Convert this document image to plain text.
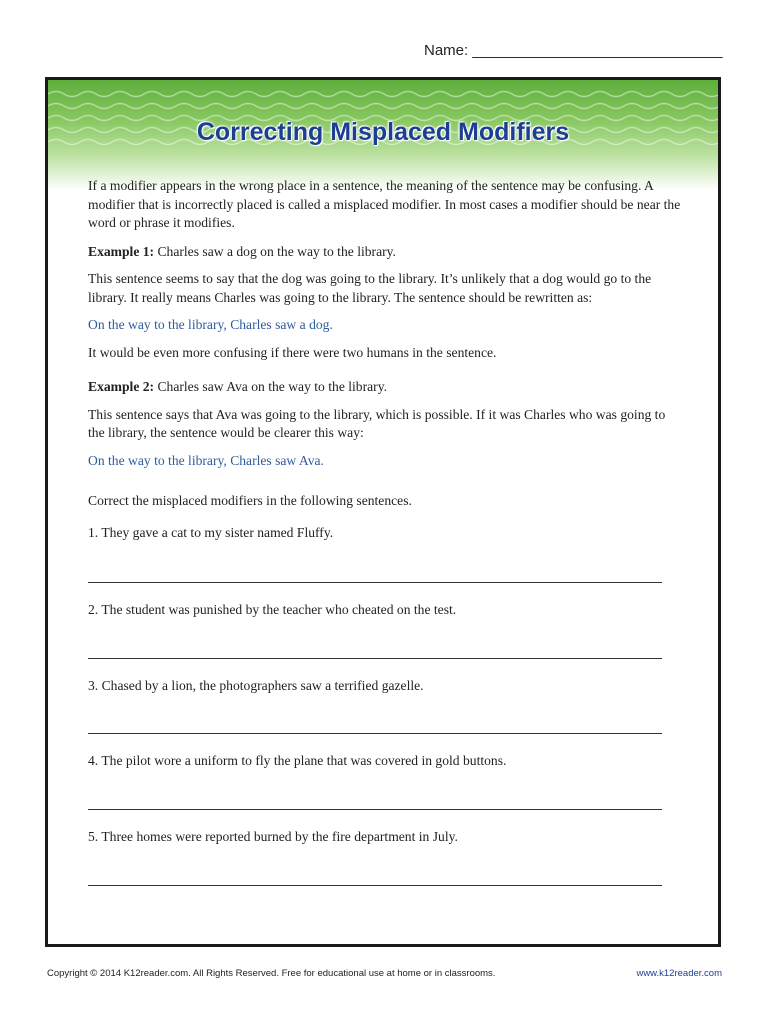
Name: ______________________________
Correcting Misplaced Modifiers

If a modifier appears in the wrong place in a sentence, the meaning of the sentence may be confusing. A modifier that is incorrectly placed is called a misplaced modifier. In most cases a modifier should be near the word or phrase it modifies.

Example 1: Charles saw a dog on the way to the library.

This sentence seems to say that the dog was going to the library. It’s unlikely that a dog would go to the library. It really means Charles was going to the library. The sentence should be rewritten as:

On the way to the library, Charles saw a dog.

It would be even more confusing if there were two humans in the sentence.

Example 2: Charles saw Ava on the way to the library.

This sentence says that Ava was going to the library, which is possible. If it was Charles who was going to the library, the sentence would be clearer this way:

On the way to the library, Charles saw Ava.

Correct the misplaced modifiers in the following sentences.

1. They gave a cat to my sister named Fluffy.

2. The student was punished by the teacher who cheated on the test.
3. Chased by a lion, the photographers saw a terrified gazelle.
4. The pilot wore a uniform to fly the plane that was covered in gold buttons.
5. Three homes were reported burned by the fire department in July.
Copyright © 2014 K12reader.com. All Rights Reserved. Free for educational use at home or in classrooms.	www.k12reader.com
